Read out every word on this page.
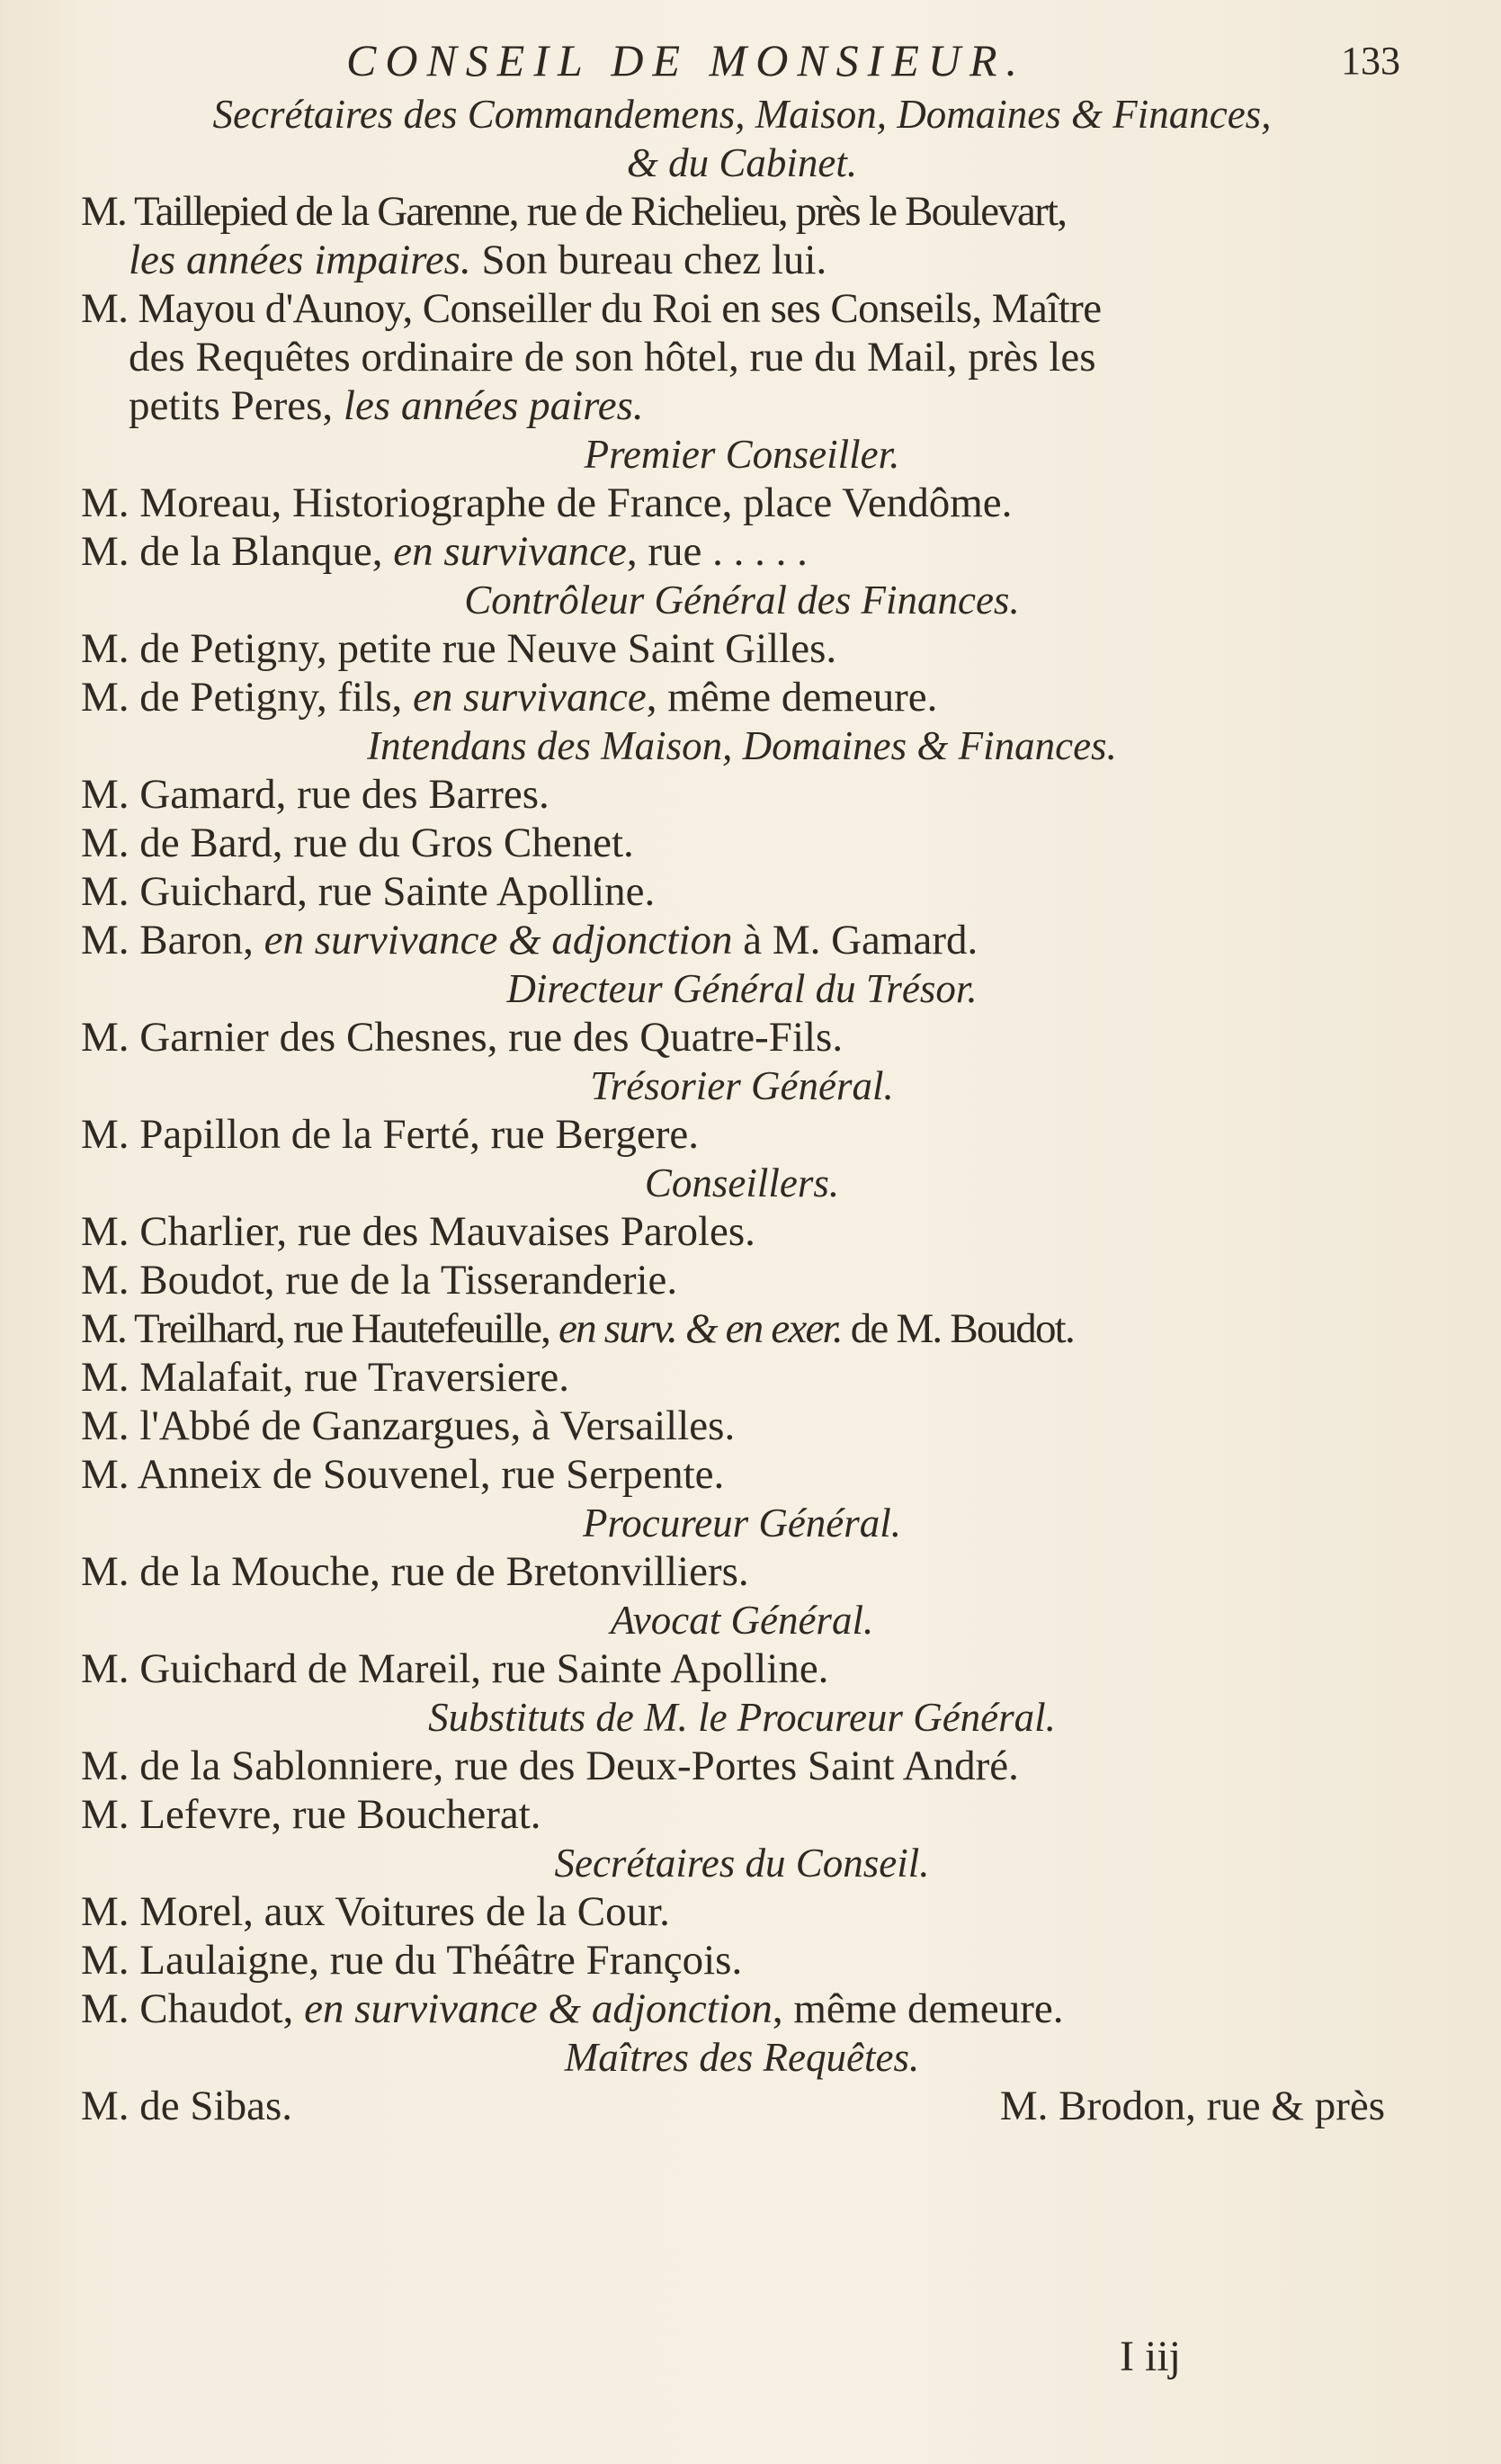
CONSEIL DE MONSIEUR.	133
Secrétaires des Commandemens, Maison, Domaines & Finances,
& du Cabinet.
M. Taillepied de la Garenne, rue de Richelieu, près le Boulevart,
les années impaires. Son bureau chez lui.
M. Mayou d'Aunoy, Conseiller du Roi en ses Conseils, Maître
des Requêtes ordinaire de son hôtel, rue du Mail, près les
petits Peres, les années paires.
Premier Conseiller.
M. Moreau, Historiographe de France, place Vendôme.
M. de la Blanque, en survivance, rue . . . . .
Contrôleur Général des Finances.
M. de Petigny, petite rue Neuve Saint Gilles.
M. de Petigny, fils, en survivance, même demeure.
Intendans des Maison, Domaines & Finances.
M. Gamard, rue des Barres.
M. de Bard, rue du Gros Chenet.
M. Guichard, rue Sainte Apolline.
M. Baron, en survivance & adjonction à M. Gamard.
Directeur Général du Trésor.
M. Garnier des Chesnes, rue des Quatre-Fils.
Trésorier Général.
M. Papillon de la Ferté, rue Bergere.
Conseillers.
M. Charlier, rue des Mauvaises Paroles.
M. Boudot, rue de la Tisseranderie.
M. Treilhard, rue Hautefeuille, en surv. & en exer. de M. Boudot.
M. Malafait, rue Traversiere.
M. l'Abbé de Ganzargues, à Versailles.
M. Anneix de Souvenel, rue Serpente.
Procureur Général.
M. de la Mouche, rue de Bretonvilliers.
Avocat Général.
M. Guichard de Mareil, rue Sainte Apolline.
Substituts de M. le Procureur Général.
M. de la Sablonniere, rue des Deux-Portes Saint André.
M. Lefevre, rue Boucherat.
Secrétaires du Conseil.
M. Morel, aux Voitures de la Cour.
M. Laulaigne, rue du Théâtre François.
M. Chaudot, en survivance & adjonction, même demeure.
Maîtres des Requêtes.
M. de Sibas.	M. Brodon, rue & près
I iij
